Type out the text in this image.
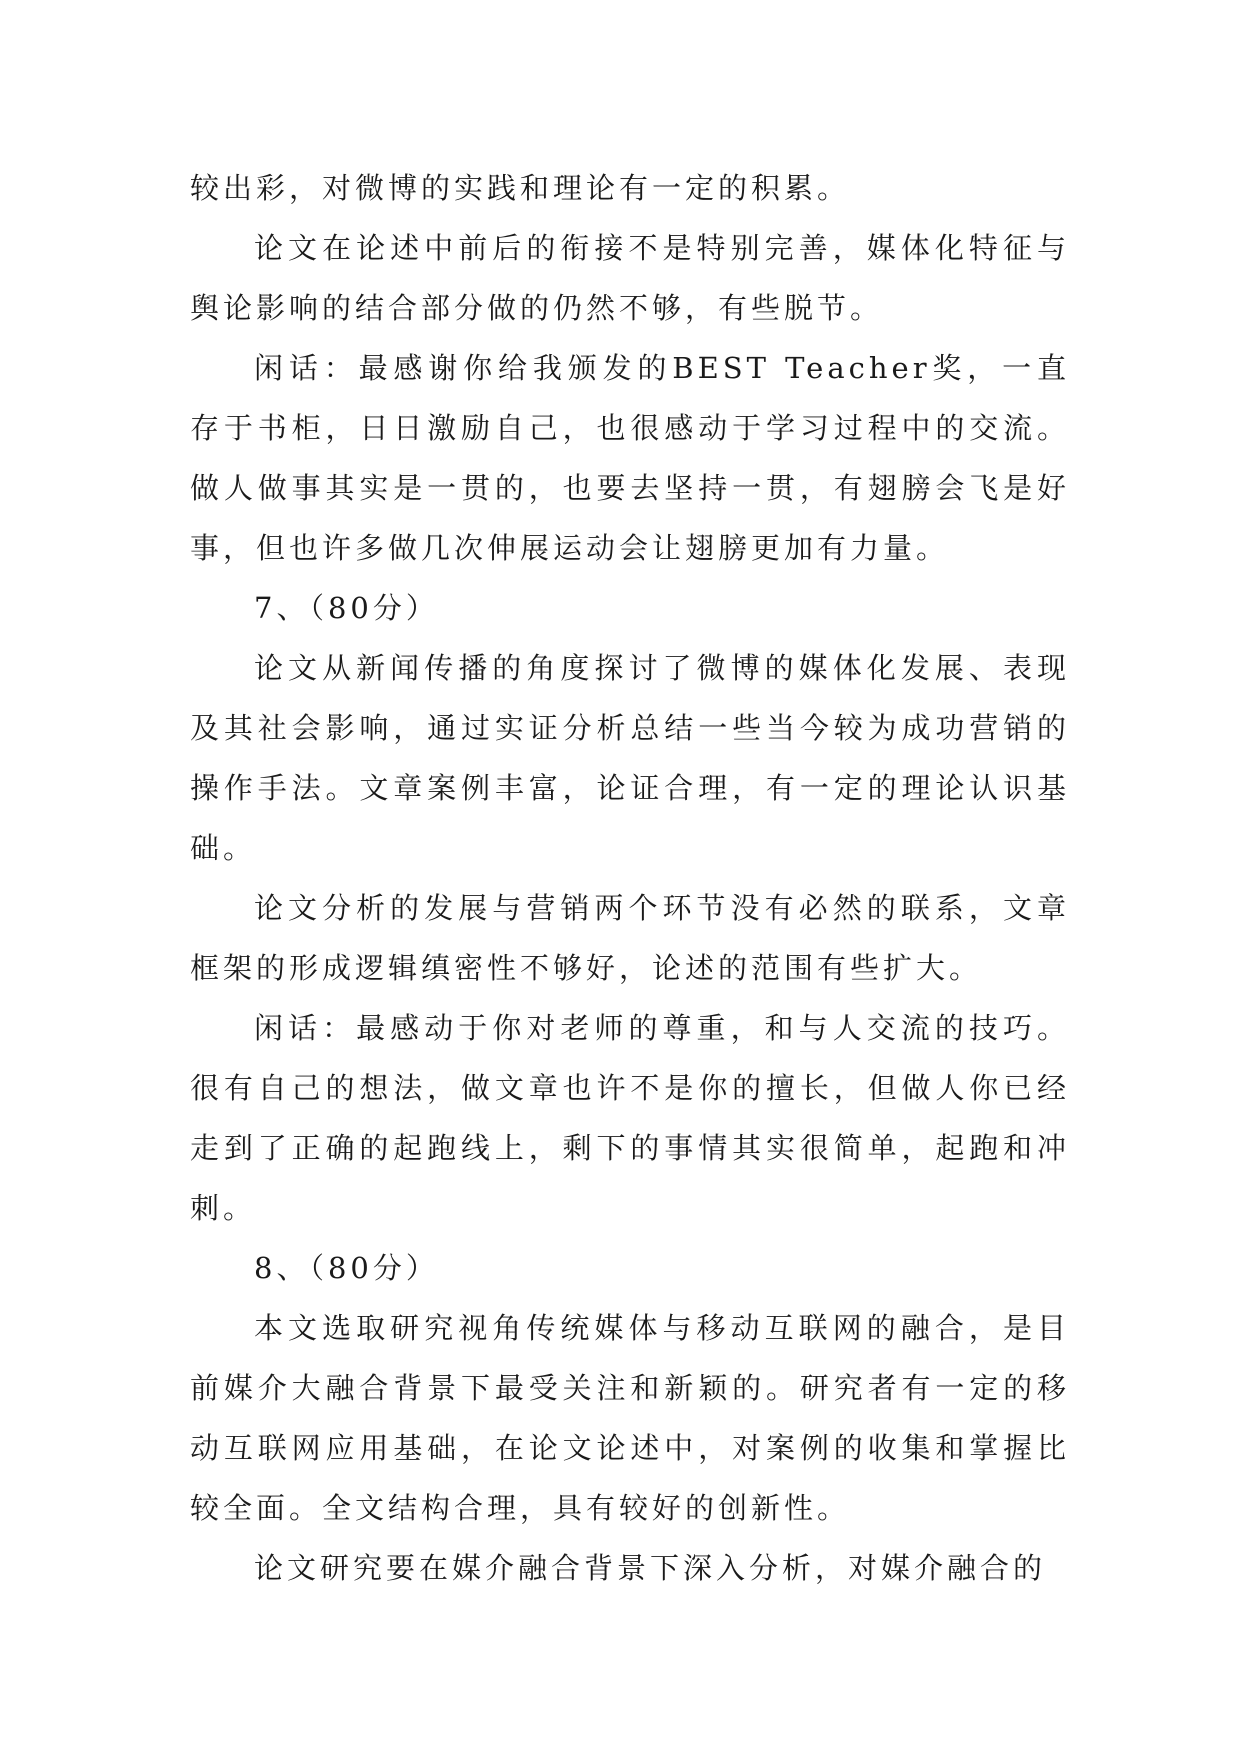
较出彩，对微博的实践和理论有一定的积累。

论文在论述中前后的衔接不是特别完善，媒体化特征与舆论影响的结合部分做的仍然不够，有些脱节。

闲话：最感谢你给我颁发的BEST Teacher奖，一直存于书柜，日日激励自己，也很感动于学习过程中的交流。做人做事其实是一贯的，也要去坚持一贯，有翅膀会飞是好事，但也许多做几次伸展运动会让翅膀更加有力量。

7、（80分）

论文从新闻传播的角度探讨了微博的媒体化发展、表现及其社会影响，通过实证分析总结一些当今较为成功营销的操作手法。文章案例丰富，论证合理，有一定的理论认识基础。

论文分析的发展与营销两个环节没有必然的联系，文章框架的形成逻辑缜密性不够好，论述的范围有些扩大。

闲话：最感动于你对老师的尊重，和与人交流的技巧。很有自己的想法，做文章也许不是你的擅长，但做人你已经走到了正确的起跑线上，剩下的事情其实很简单，起跑和冲刺。

8、（80分）

本文选取研究视角传统媒体与移动互联网的融合，是目前媒介大融合背景下最受关注和新颖的。研究者有一定的移动互联网应用基础，在论文论述中，对案例的收集和掌握比较全面。全文结构合理，具有较好的创新性。

论文研究要在媒介融合背景下深入分析，对媒介融合的
